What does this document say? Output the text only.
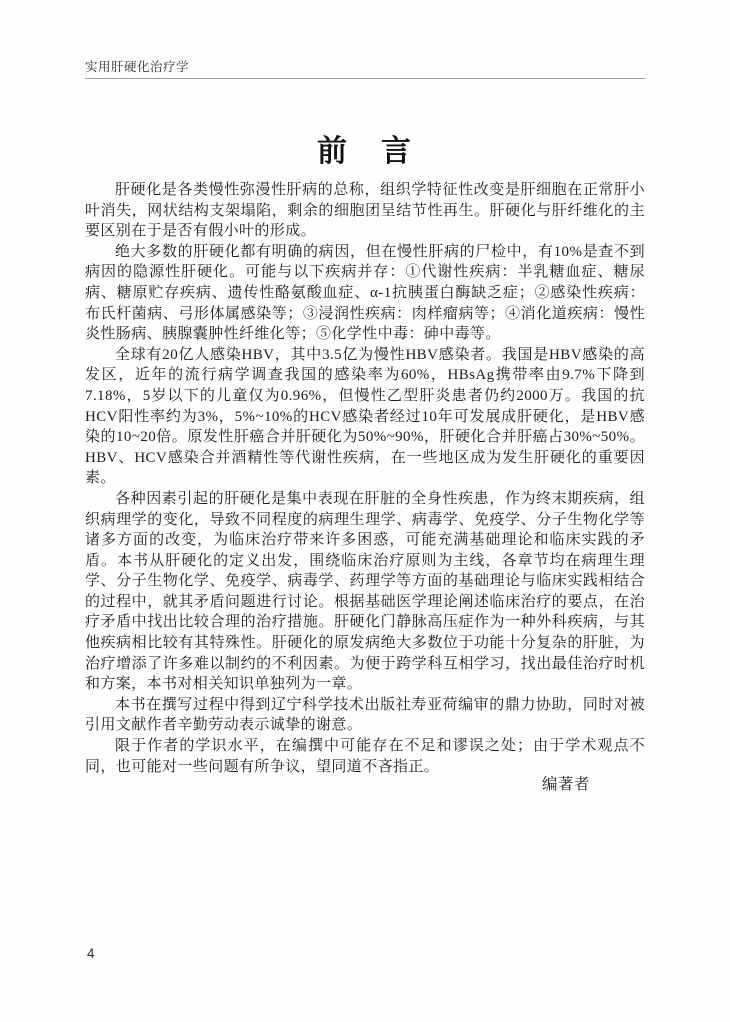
实用肝硬化治疗学
前　言

肝硬化是各类慢性弥漫性肝病的总称，组织学特征性改变是肝细胞在正常肝小叶消失，网状结构支架塌陷，剩余的细胞团呈结节性再生。肝硬化与肝纤维化的主要区别在于是否有假小叶的形成。

绝大多数的肝硬化都有明确的病因，但在慢性肝病的尸检中，有10%是查不到病因的隐源性肝硬化。可能与以下疾病并存：①代谢性疾病：半乳糖血症、糖尿病、糖原贮存疾病、遗传性酪氨酸血症、α-1抗胰蛋白酶缺乏症；②感染性疾病：布氏杆菌病、弓形体属感染等；③浸润性疾病：肉样瘤病等；④消化道疾病：慢性炎性肠病、胰腺囊肿性纤维化等；⑤化学性中毒：砷中毒等。

全球有20亿人感染HBV，其中3.5亿为慢性HBV感染者。我国是HBV感染的高发区，近年的流行病学调查我国的感染率为60%，HBsAg携带率由9.7%下降到7.18%，5岁以下的儿童仅为0.96%，但慢性乙型肝炎患者仍约2000万。我国的抗HCV阳性率约为3%，5%~10%的HCV感染者经过10年可发展成肝硬化，是HBV感染的10~20倍。原发性肝癌合并肝硬化为50%~90%，肝硬化合并肝癌占30%~50%。HBV、HCV感染合并酒精性等代谢性疾病，在一些地区成为发生肝硬化的重要因素。

各种因素引起的肝硬化是集中表现在肝脏的全身性疾患，作为终末期疾病，组织病理学的变化，导致不同程度的病理生理学、病毒学、免疫学、分子生物化学等诸多方面的改变，为临床治疗带来许多困惑，可能充满基础理论和临床实践的矛盾。本书从肝硬化的定义出发，围绕临床治疗原则为主线，各章节均在病理生理学、分子生物化学、免疫学、病毒学、药理学等方面的基础理论与临床实践相结合的过程中，就其矛盾问题进行讨论。根据基础医学理论阐述临床治疗的要点，在治疗矛盾中找出比较合理的治疗措施。肝硬化门静脉高压症作为一种外科疾病，与其他疾病相比较有其特殊性。肝硬化的原发病绝大多数位于功能十分复杂的肝脏，为治疗增添了许多难以制约的不利因素。为便于跨学科互相学习，找出最佳治疗时机和方案，本书对相关知识单独列为一章。

本书在撰写过程中得到辽宁科学技术出版社寿亚荷编审的鼎力协助，同时对被引用文献作者辛勤劳动表示诚挚的谢意。

限于作者的学识水平，在编撰中可能存在不足和谬误之处；由于学术观点不同，也可能对一些问题有所争议，望同道不吝指正。

编著者
4
